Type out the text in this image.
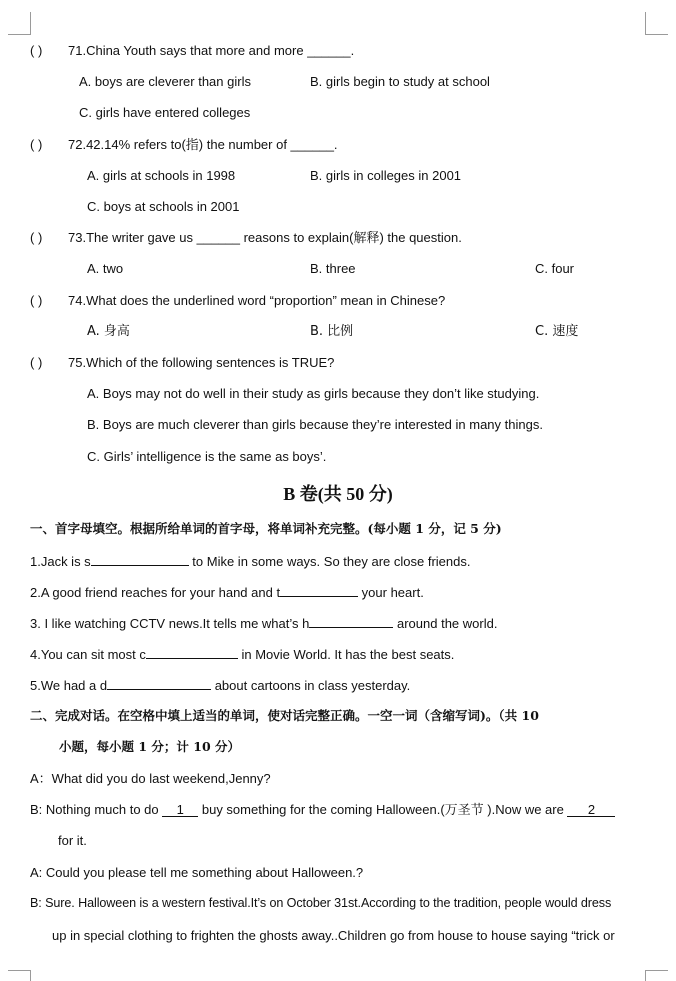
( ) 71.China Youth says that more and more ______.
A. boys are cleverer than girls	B. girls begin to study at school
C. girls have entered colleges
( ) 72.42.14% refers to(指) the number of ______.
A. girls at schools in 1998	B. girls in colleges in 2001
C. boys at schools in 2001
( ) 73.The writer gave us ______ reasons to explain(解释) the question.
A. two	B. three	C. four
( ) 74.What does the underlined word “proportion” mean in Chinese?
A. 身高	B. 比例	C. 速度
( ) 75.Which of the following sentences is TRUE?
A. Boys may not do well in their study as girls because they don’t like studying.
B. Boys are much cleverer than girls because they’re interested in many things.
C. Girls’ intelligence is the same as boys’.
B 卷(共 50 分)
一、首字母填空。根据所给单词的首字母，将单词补充完整。(每小题 1 分，记 5 分)
1.Jack is s	to Mike in some ways. So they are close friends.
2.A good friend reaches for your hand and t	your heart.
3. I like watching CCTV news.It tells me what’s h	around the world.
4.You can sit most c	in Movie World. It has the best seats.
5.We had a d	about cartoons in class yesterday.
二、完成对话。在空格中填上适当的单词，使对话完整正确。一空一词（含缩写词)。（共 10
小题，每小题 1 分；计 10 分）
A：What did you do last weekend,Jenny?
B: Nothing much to do 1 buy something for the coming Halloween.(万圣节 ).Now we are 2
for it.
A: Could you please tell me something about Halloween.?
B: Sure. Halloween is a western festival.It’s on October 31st.According to the tradition, people would dress
up in special clothing to frighten the ghosts away..Children go from house to house saying “trick or
